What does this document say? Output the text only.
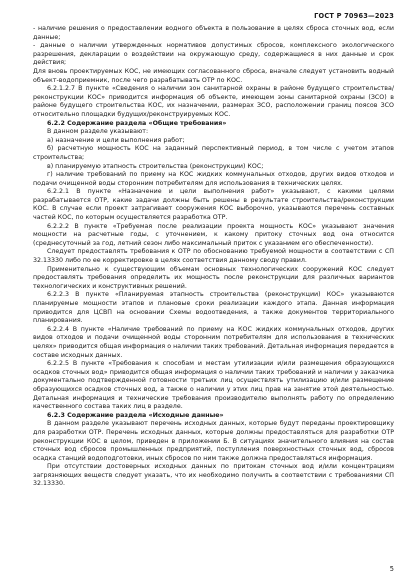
ГОСТ Р 70963—2023

- наличие решения о предоставлении водного объекта в пользование в целях сброса сточных вод, если данные;

- данные о наличии утвержденных нормативов допустимых сбросов, комплексного экологического разрешения, декларации о воздействии на окружающую среду, содержащиеся в них данные и срок действия;

Для вновь проектируемых КОС, не имеющих согласованного сброса, вначале следует установить водный объект-водоприемник, после чего разрабатывать ОТР по КОС.

6.2.1.2.7 В пункте «Сведения о наличии зон санитарной охраны в районе будущего строительства/реконструкции КОС» приводится информация об объекте, имеющем зоны санитарной охраны (ЗСО) в районе будущего строительства КОС, их назначении, размерах ЗСО, расположении границ поясов ЗСО относительно площадки будущих/реконструируемых КОС.

6.2.2 Содержание раздела «Общие требования»

В данном разделе указывают:

а) назначение и цели выполнения работ;

б) расчетную мощность КОС на заданный перспективный период, в том числе с учетом этапов строительства;

в) планируемую этапность строительства (реконструкции) КОС;

г) наличие требований по приему на КОС жидких коммунальных отходов, других видов отходов и подачи очищенной воды сторонним потребителям для использования в технических целях.

6.2.2.1 В пункте «Назначение и цели выполнения работ» указывают, с какими целями разрабатывается ОТР, какие задачи должны быть решены в результате строительства/реконструкции КОС. В случае если проект затрагивает сооружения КОС выборочно, указываются перечень составных частей КОС, по которым осуществляется разработка ОТР.

6.2.2.2 В пункте «Требуемая после реализации проекта мощность КОС» указывают значения мощности на расчетные годы, с уточнением, к какому притоку сточных вод она относится (среднесуточный за год, летний сезон либо максимальный приток с указанием его обеспеченности).

Следует предоставлять требования к ОТР по обоснованию требуемой мощности в соответствии с СП 32.13330 либо по ее корректировке в целях соответствия данному своду правил.

Применительно к существующим объемам основных технологических сооружений КОС следует предоставлять требования определить их мощность после реконструкции для различных вариантов технологических и конструктивных решений.

6.2.2.3 В пункте «Планируемая этапность строительства (реконструкции) КОС» указываются планируемые мощности этапов и плановые сроки реализации каждого этапа. Данная информация приводится для ЦСВП на основании Схемы водоотведения, а также документов территориального планирования.

6.2.2.4 В пункте «Наличие требований по приему на КОС жидких коммунальных отходов, других видов отходов и подачи очищенной воды сторонним потребителям для использования в технических целях» приводится общая информация о наличии таких требований. Детальная информация передается в составе исходных данных.

6.2.2.5 В пункте «Требования к способам и местам утилизации и/или размещения образующихся осадков сточных вод» приводится общая информация о наличии таких требований и наличии у заказчика документально подтвержденной готовности третьих лиц осуществлять утилизацию и/или размещение образующихся осадков сточных вод, а также о наличии у этих лиц прав на занятие этой деятельностью. Детальная информация и технические требования производителю выполнять работу по определению качественного состава таких лиц в разделе.

6.2.3 Содержание раздела «Исходные данные»

В данном разделе указывают перечень исходных данных, которые будут переданы проектировщику для разработки ОТР. Перечень исходных данных, которые должны предоставляться для разработки ОТР реконструкции КОС в целом, приведен в приложении Б. В ситуациях значительного влияния на состав сточных вод сбросов промышленных предприятий, поступления поверхностных сточных вод, сбросов осадка станций водоподготовки, иных сбросов по ним также должна предоставляться информация.

При отсутствии достоверных исходных данных по притокам сточных вод и/или концентрациям загрязняющих веществ следует указать, что их необходимо получить в соответствии с требованиями СП 32.13330.

5
